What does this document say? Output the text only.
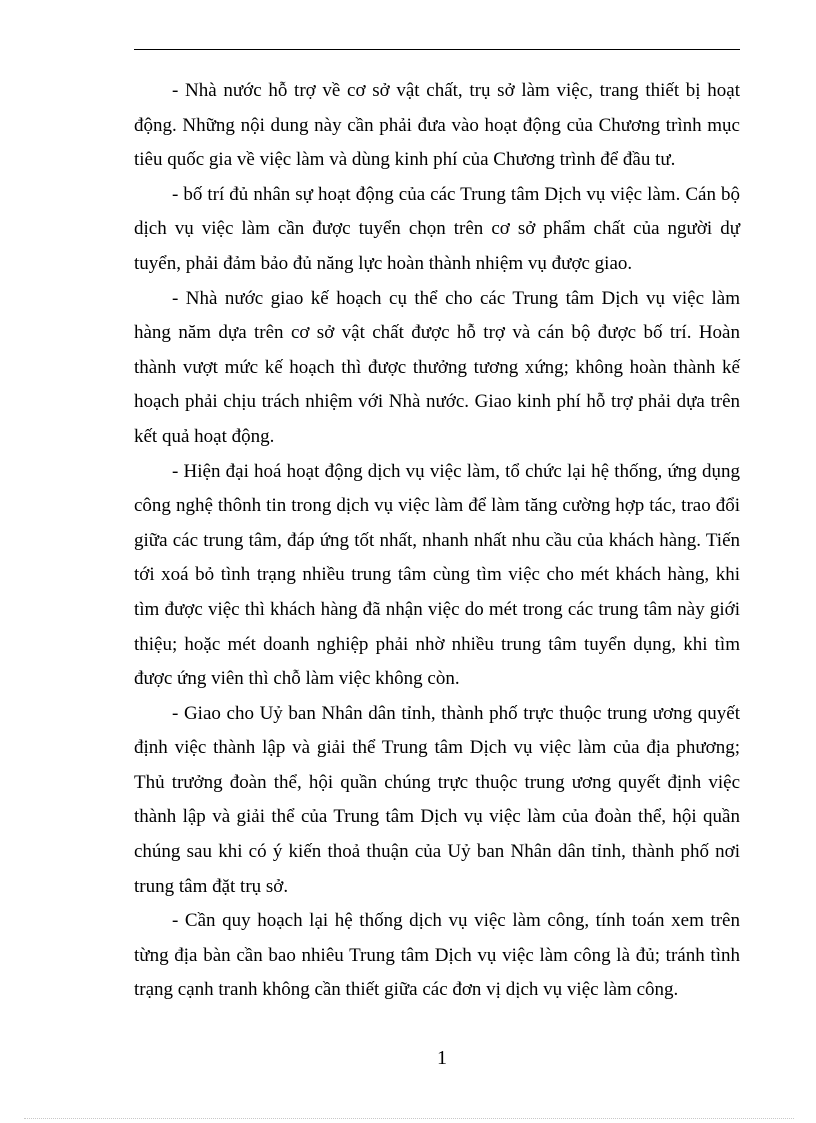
- Nhà nước hỗ trợ về cơ sở vật chất, trụ sở làm việc, trang thiết bị hoạt động. Những nội dung này cần phải đưa vào hoạt động của Chương trình mục tiêu quốc gia về việc làm và dùng kinh phí của Chương trình để đầu tư.

- bố trí đủ nhân sự hoạt động của các Trung tâm Dịch vụ việc làm. Cán bộ dịch vụ việc làm cần được tuyển chọn trên cơ sở phẩm chất của người dự tuyển, phải đảm bảo đủ năng lực hoàn thành nhiệm vụ được giao.

- Nhà nước giao kế hoạch cụ thể cho các Trung tâm Dịch vụ việc làm hàng năm dựa trên cơ sở vật chất được hỗ trợ và cán bộ được bố trí. Hoàn thành vượt mức kế hoạch thì được thưởng tương xứng; không hoàn thành kế hoạch phải chịu trách nhiệm với Nhà nước. Giao kinh phí hỗ trợ phải dựa trên kết quả hoạt động.

- Hiện đại hoá hoạt động dịch vụ việc làm, tổ chức lại hệ thống, ứng dụng công nghệ thônh tin trong dịch vụ việc làm để làm tăng cường hợp tác, trao đổi giữa các trung tâm, đáp ứng tốt nhất, nhanh nhất nhu cầu của khách hàng. Tiến tới xoá bỏ tình trạng nhiều trung tâm cùng tìm việc cho mét khách hàng, khi tìm được việc thì khách hàng đã nhận việc do mét trong các trung tâm này giới thiệu; hoặc mét doanh nghiệp phải nhờ nhiều trung tâm tuyển dụng, khi tìm được ứng viên thì chỗ làm việc không còn.

- Giao cho Uỷ ban Nhân dân tỉnh, thành phố trực thuộc trung ương quyết định việc thành lập và giải thể Trung tâm Dịch vụ việc làm của địa phương; Thủ trưởng đoàn thể, hội quần chúng trực thuộc trung ương quyết định việc thành lập và giải thể của Trung tâm Dịch vụ việc làm của đoàn thể, hội quần chúng sau khi có ý kiến thoả thuận của Uỷ ban Nhân dân tỉnh, thành phố nơi trung tâm đặt trụ sở.

- Cần quy hoạch lại hệ thống dịch vụ việc làm công, tính toán xem trên từng địa bàn cần bao nhiêu Trung tâm Dịch vụ việc làm công là đủ; tránh tình trạng cạnh tranh không cần thiết giữa các đơn vị dịch vụ việc làm công.

1
